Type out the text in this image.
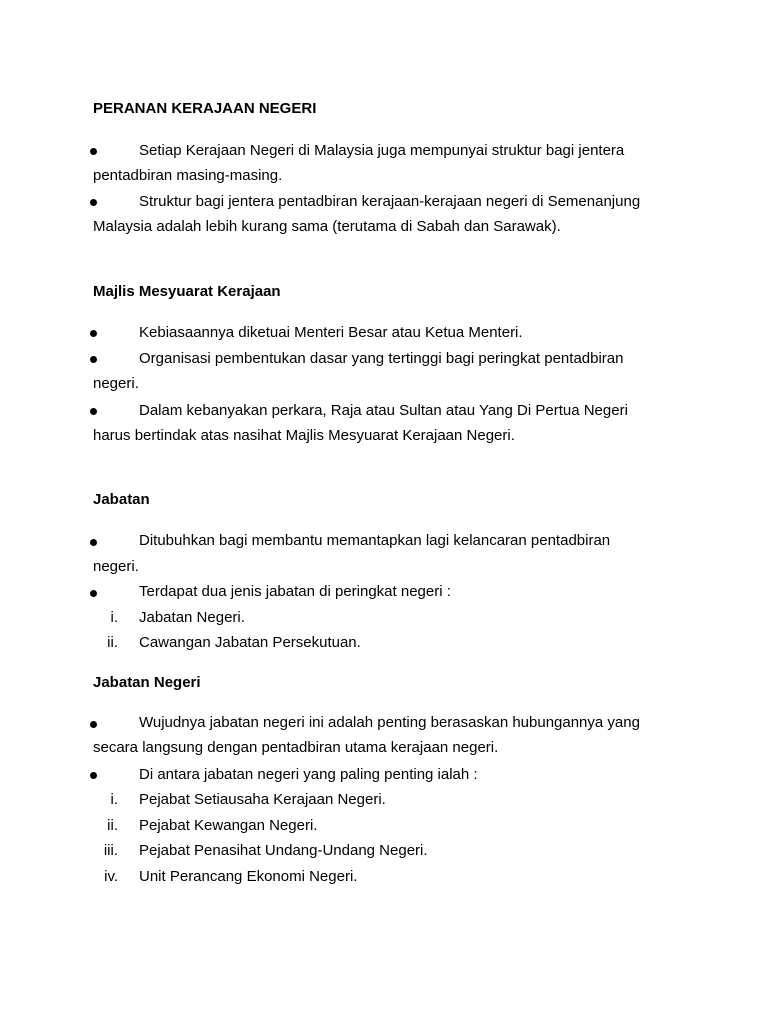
PERANAN KERAJAAN NEGERI
Setiap Kerajaan Negeri di Malaysia juga mempunyai struktur bagi jentera
pentadbiran masing-masing.
Struktur bagi jentera pentadbiran kerajaan-kerajaan negeri di Semenanjung
Malaysia adalah lebih kurang sama (terutama di Sabah dan Sarawak).
Majlis Mesyuarat Kerajaan
Kebiasaannya diketuai Menteri Besar atau Ketua Menteri.
Organisasi pembentukan dasar yang tertinggi bagi peringkat pentadbiran
negeri.
Dalam kebanyakan perkara, Raja atau Sultan atau Yang Di Pertua Negeri
harus bertindak atas nasihat Majlis Mesyuarat Kerajaan Negeri.
Jabatan
Ditubuhkan bagi membantu memantapkan lagi kelancaran pentadbiran
negeri.
Terdapat dua jenis jabatan di peringkat negeri :
i. Jabatan Negeri.
ii. Cawangan Jabatan Persekutuan.
Jabatan Negeri
Wujudnya jabatan negeri ini adalah penting berasaskan hubungannya yang
secara langsung dengan pentadbiran utama kerajaan negeri.
Di antara jabatan negeri yang paling penting ialah :
i. Pejabat Setiausaha Kerajaan Negeri.
ii. Pejabat Kewangan Negeri.
iii. Pejabat Penasihat Undang-Undang Negeri.
iv. Unit Perancang Ekonomi Negeri.
